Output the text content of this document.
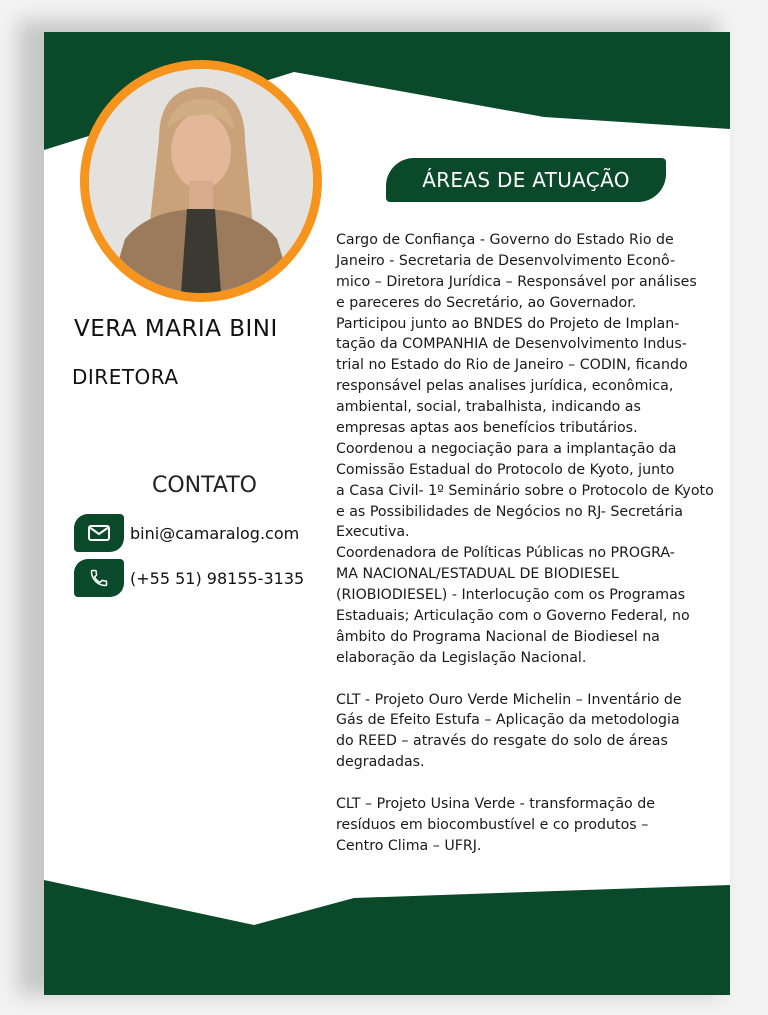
VERA MARIA BINI
DIRETORA
CONTATO
bini@camaralog.com
(+55 51) 98155-3135
ÁREAS DE ATUAÇÃO
Cargo de Confiança - Governo do Estado Rio de
Janeiro - Secretaria de Desenvolvimento Econô-
mico – Diretora Jurídica – Responsável por análises
e pareceres do Secretário, ao Governador.
Participou junto ao BNDES do Projeto de Implan-
tação da COMPANHIA de Desenvolvimento Indus-
trial no Estado do Rio de Janeiro – CODIN, ficando
responsável pelas analises jurídica, econômica,
ambiental, social, trabalhista, indicando as
empresas aptas aos benefícios tributários.
Coordenou a negociação para a implantação da
Comissão Estadual do Protocolo de Kyoto, junto
a Casa Civil- 1º Seminário sobre o Protocolo de Kyoto
e as Possibilidades de Negócios no RJ- Secretária
Executiva.
Coordenadora de Políticas Públicas no PROGRA-
MA NACIONAL/ESTADUAL DE BIODIESEL
(RIOBIODIESEL) - Interlocução com os Programas
Estaduais; Articulação com o Governo Federal, no
âmbito do Programa Nacional de Biodiesel na
elaboração da Legislação Nacional.
CLT - Projeto Ouro Verde Michelin – Inventário de
Gás de Efeito Estufa – Aplicação da metodologia
do REED – através do resgate do solo de áreas
degradadas.
CLT – Projeto Usina Verde - transformação de
resíduos em biocombustível e co produtos –
Centro Clima – UFRJ.
